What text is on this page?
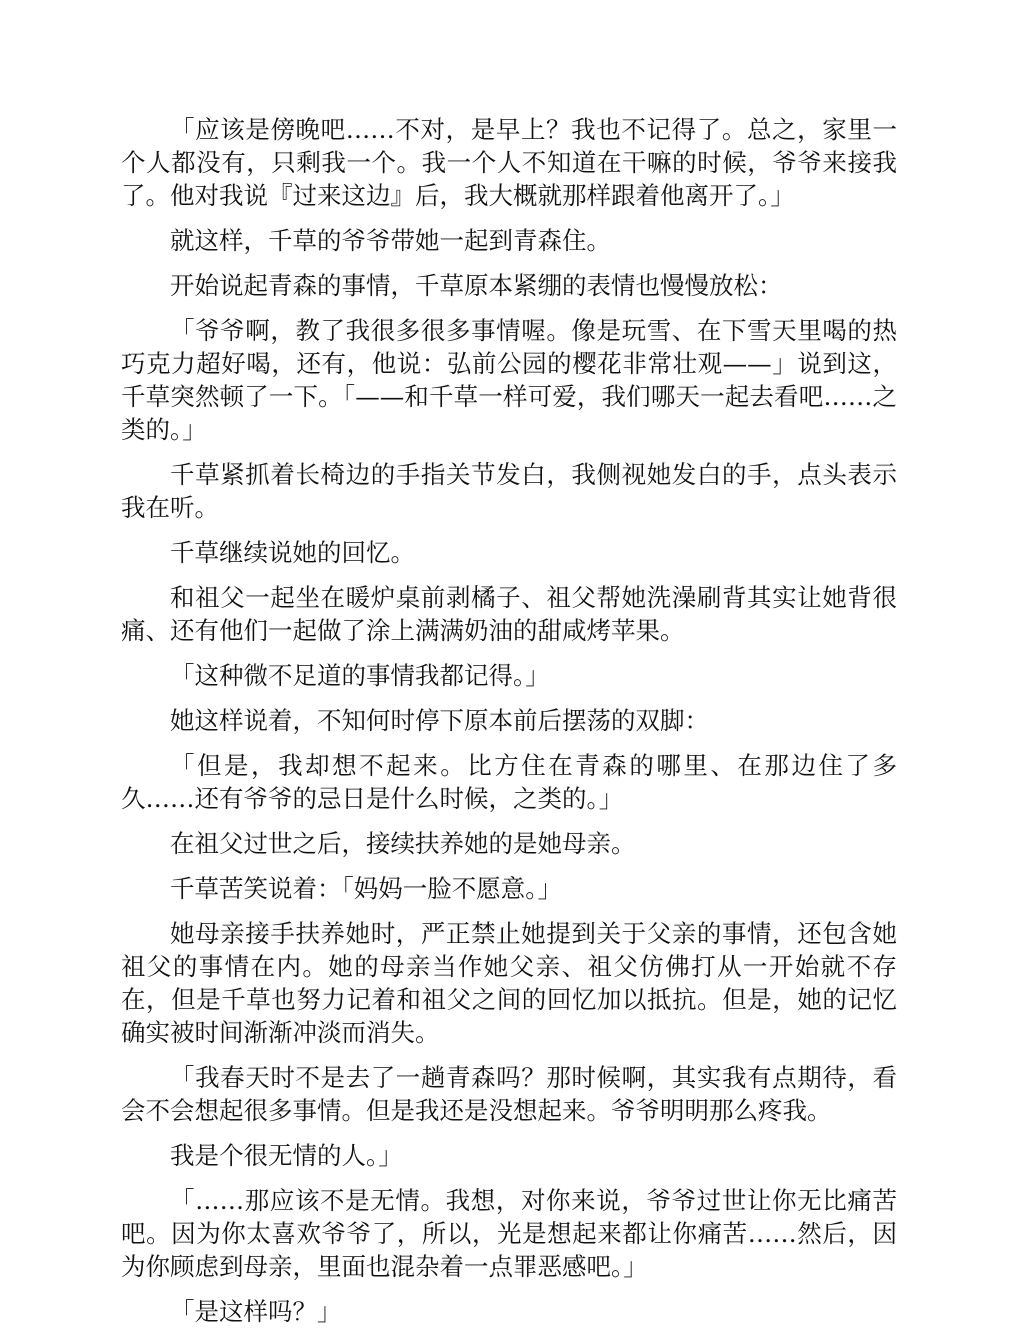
「应该是傍晚吧……不对，是早上？我也不记得了。总之，家里一个人都没有，只剩我一个。我一个人不知道在干嘛的时候，爷爷来接我了。他对我说『过来这边』后，我大概就那样跟着他离开了。」

就这样，千草的爷爷带她一起到青森住。

开始说起青森的事情，千草原本紧绷的表情也慢慢放松：

「爷爷啊，教了我很多很多事情喔。像是玩雪、在下雪天里喝的热巧克力超好喝，还有，他说：弘前公园的樱花非常壮观——」说到这，千草突然顿了一下。「——和千草一样可爱，我们哪天一起去看吧……之类的。」

千草紧抓着长椅边的手指关节发白，我侧视她发白的手，点头表示我在听。

千草继续说她的回忆。

和祖父一起坐在暖炉桌前剥橘子、祖父帮她洗澡刷背其实让她背很痛、还有他们一起做了涂上满满奶油的甜咸烤苹果。

「这种微不足道的事情我都记得。」

她这样说着，不知何时停下原本前后摆荡的双脚：

「但是，我却想不起来。比方住在青森的哪里、在那边住了多久……还有爷爷的忌日是什么时候，之类的。」

在祖父过世之后，接续扶养她的是她母亲。

千草苦笑说着：「妈妈一脸不愿意。」

她母亲接手扶养她时，严正禁止她提到关于父亲的事情，还包含她祖父的事情在内。她的母亲当作她父亲、祖父仿佛打从一开始就不存在，但是千草也努力记着和祖父之间的回忆加以抵抗。但是，她的记忆确实被时间渐渐冲淡而消失。

「我春天时不是去了一趟青森吗？那时候啊，其实我有点期待，看会不会想起很多事情。但是我还是没想起来。爷爷明明那么疼我。

我是个很无情的人。」

「……那应该不是无情。我想，对你来说，爷爷过世让你无比痛苦吧。因为你太喜欢爷爷了，所以，光是想起来都让你痛苦……然后，因为你顾虑到母亲，里面也混杂着一点罪恶感吧。」

「是这样吗？」
